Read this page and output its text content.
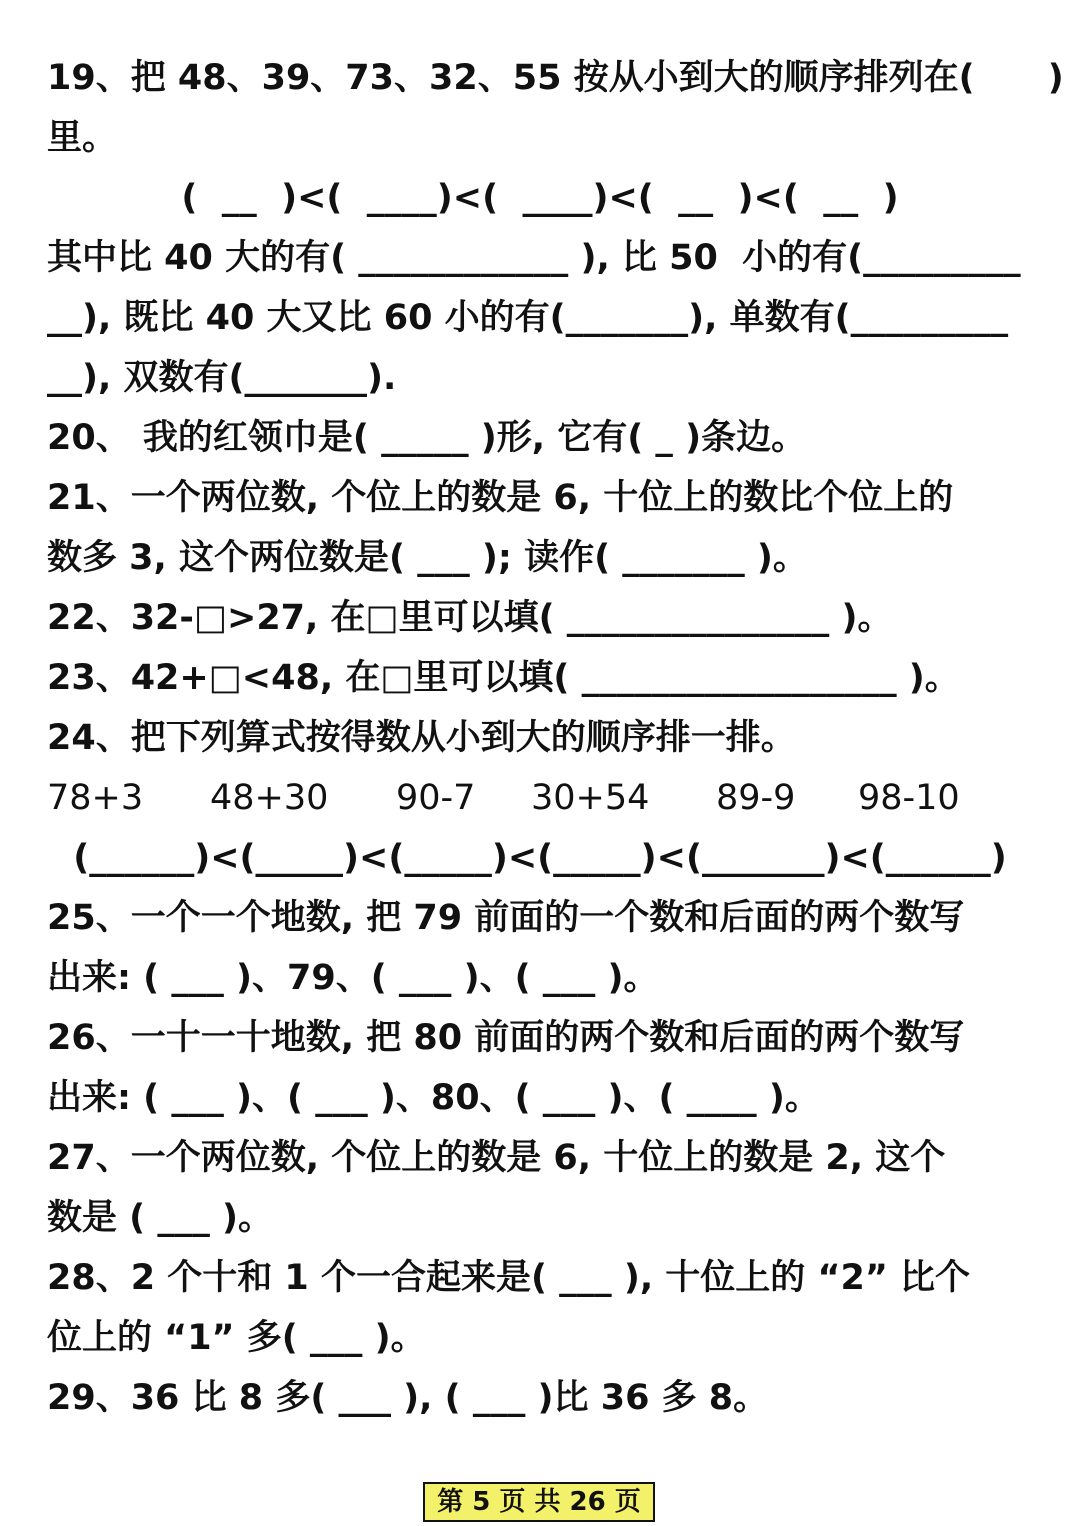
19、把 48、39、73、32、55 按从小到大的顺序排列在(      )
里。
(  __  )<(  ____)<(  ____)<(  __  )<(  __  )
其中比 40 大的有( ____________ ), 比 50  小的有(_________
__), 既比 40 大又比 60 小的有(_______), 单数有(_________
__), 双数有(_______).
20、 我的红领巾是( _____ )形, 它有( _ )条边。
21、一个两位数, 个位上的数是 6, 十位上的数比个位上的
数多 3, 这个两位数是( ___ ); 读作( _______ )。
22、32-□>27, 在□里可以填( _______________ )。
23、42+□<48, 在□里可以填( __________________ )。
24、把下列算式按得数从小到大的顺序排一排。
78+3	48+30	90-7	30+54	89-9	98-10
(______)<(_____)<(_____)<(_____)<(_______)<(______)
25、一个一个地数, 把 79 前面的一个数和后面的两个数写
出来: ( ___ )、79、( ___ )、( ___ )。
26、一十一十地数, 把 80 前面的两个数和后面的两个数写
出来: ( ___ )、( ___ )、80、( ___ )、( ____ )。
27、一个两位数, 个位上的数是 6, 十位上的数是 2, 这个
数是 ( ___ )。
28、2 个十和 1 个一合起来是( ___ ), 十位上的 “2” 比个
位上的 “1” 多( ___ )。
29、36 比 8 多( ___ ), ( ___ )比 36 多 8。
第 5 页 共 26 页
